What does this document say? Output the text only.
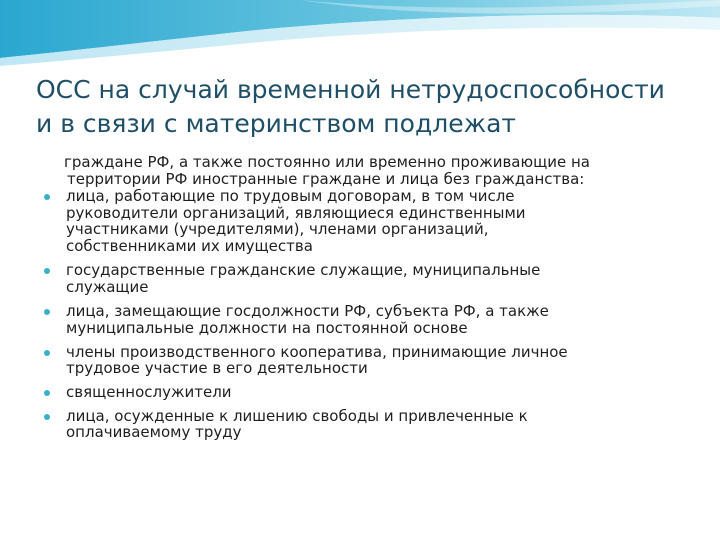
ОСС на случай временной нетрудоспособности
и в связи с материнством подлежат
граждане РФ, а также постоянно или временно проживающие на
территории РФ иностранные граждане и лица без гражданства:
лица, работающие по трудовым договорам, в том числе
руководители организаций, являющиеся единственными
участниками (учредителями), членами организаций,
собственниками их имущества
государственные гражданские служащие, муниципальные
служащие
лица, замещающие госдолжности РФ, субъекта РФ, а также
муниципальные должности на постоянной основе
члены производственного кооператива, принимающие личное
трудовое участие в его деятельности
священнослужители
лица, осужденные к лишению свободы и привлеченные к
оплачиваемому труду
